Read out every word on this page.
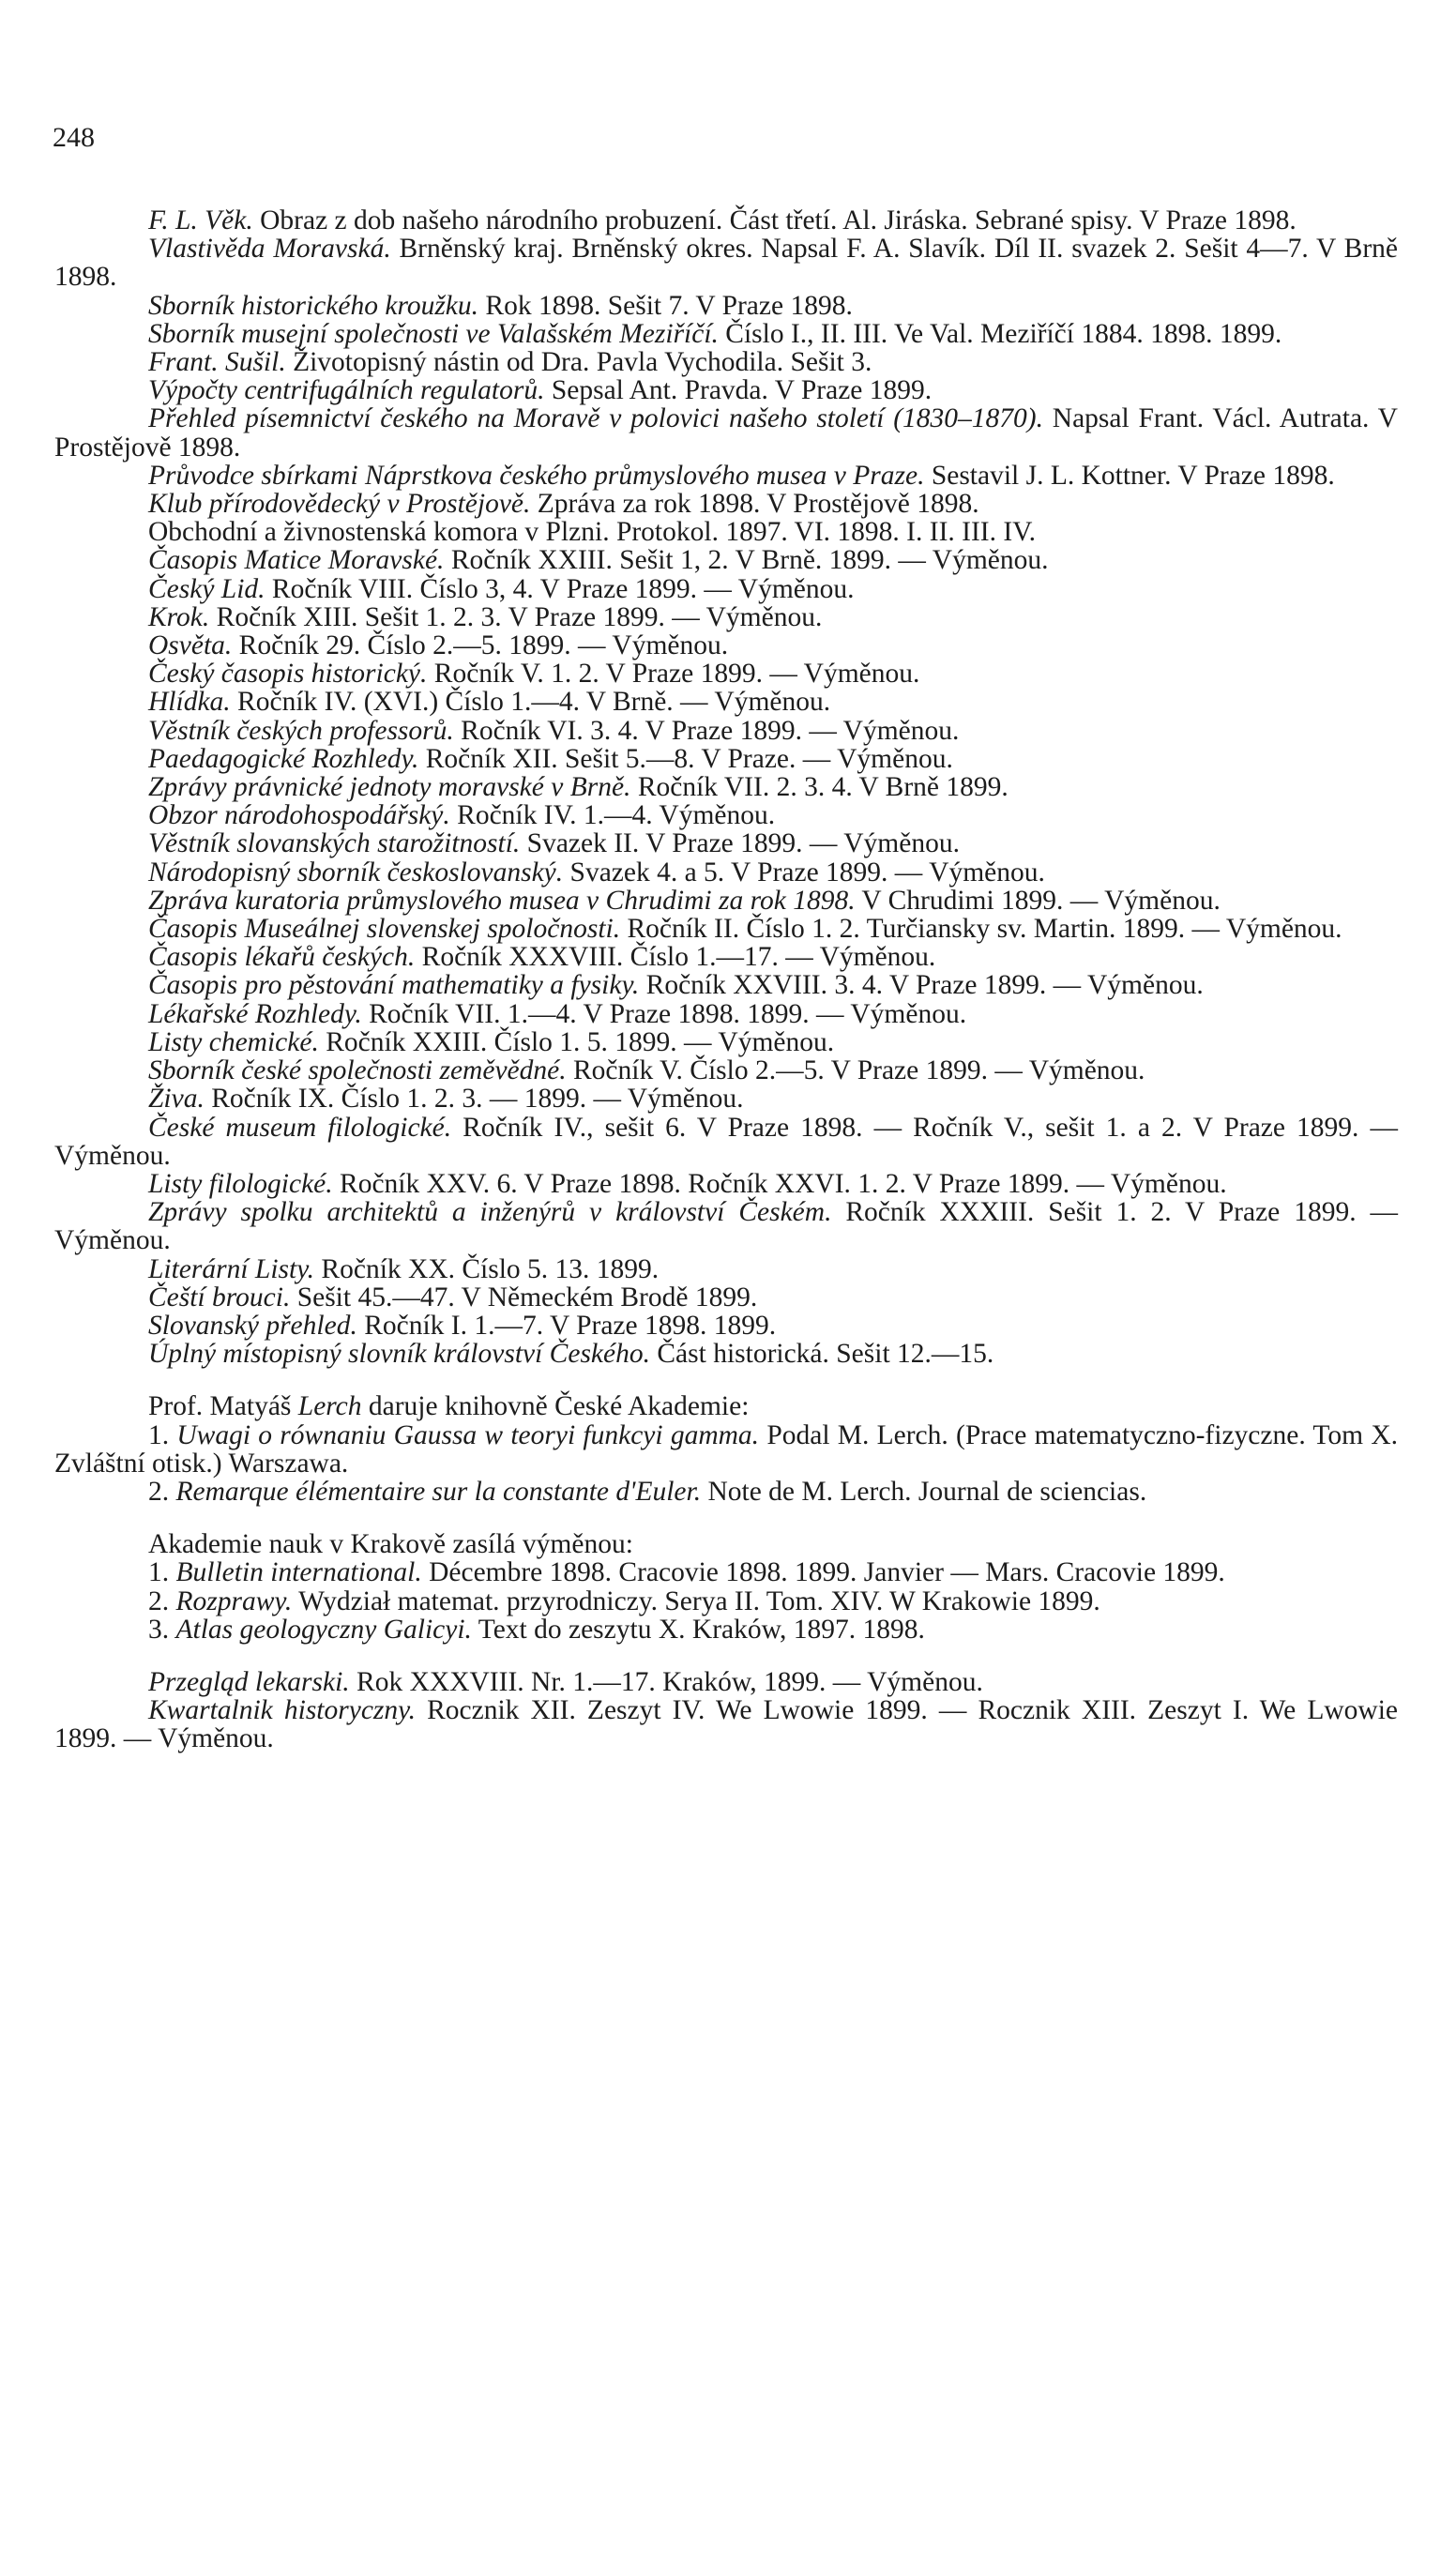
248

F. L. Věk. Obraz z dob našeho národního probuzení. Část třetí. Al. Jiráska. Sebrané spisy. V Praze 1898.

Vlastivěda Moravská. Brněnský kraj. Brněnský okres. Napsal F. A. Slavík. Díl II. svazek 2. Sešit 4—7. V Brně 1898.

Sborník historického kroužku. Rok 1898. Sešit 7. V Praze 1898.

Sborník musejní společnosti ve Valašském Meziříčí. Číslo I., II. III. Ve Val. Meziříčí 1884. 1898. 1899.

Frant. Sušil. Životopisný nástin od Dra. Pavla Vychodila. Sešit 3.

Výpočty centrifugálních regulatorů. Sepsal Ant. Pravda. V Praze 1899.

Přehled písemnictví českého na Moravě v polovici našeho století (1830–1870). Napsal Frant. Václ. Autrata. V Prostějově 1898.

Průvodce sbírkami Náprstkova českého průmyslového musea v Praze. Sestavil J. L. Kottner. V Praze 1898.

Klub přírodovědecký v Prostějově. Zpráva za rok 1898. V Prostějově 1898.

Obchodní a živnostenská komora v Plzni. Protokol. 1897. VI. 1898. I. II. III. IV.

Časopis Matice Moravské. Ročník XXIII. Sešit 1, 2. V Brně. 1899. — Výměnou.

Český Lid. Ročník VIII. Číslo 3, 4. V Praze 1899. — Výměnou.

Krok. Ročník XIII. Sešit 1. 2. 3. V Praze 1899. — Výměnou.

Osvěta. Ročník 29. Číslo 2.—5. 1899. — Výměnou.

Český časopis historický. Ročník V. 1. 2. V Praze 1899. — Výměnou.

Hlídka. Ročník IV. (XVI.) Číslo 1.—4. V Brně. — Výměnou.

Věstník českých professorů. Ročník VI. 3. 4. V Praze 1899. — Výměnou.

Paedagogické Rozhledy. Ročník XII. Sešit 5.—8. V Praze. — Výměnou.

Zprávy právnické jednoty moravské v Brně. Ročník VII. 2. 3. 4. V Brně 1899.

Obzor národohospodářský. Ročník IV. 1.—4. Výměnou.

Věstník slovanských starožitností. Svazek II. V Praze 1899. — Výměnou.

Národopisný sborník českoslovanský. Svazek 4. a 5. V Praze 1899. — Výměnou.

Zpráva kuratoria průmyslového musea v Chrudimi za rok 1898. V Chrudimi 1899. — Výměnou.

Časopis Museálnej slovenskej spoločnosti. Ročník II. Číslo 1. 2. Turčiansky sv. Martin. 1899. — Výměnou.

Časopis lékařů českých. Ročník XXXVIII. Číslo 1.—17. — Výměnou.

Časopis pro pěstování mathematiky a fysiky. Ročník XXVIII. 3. 4. V Praze 1899. — Výměnou.

Lékařské Rozhledy. Ročník VII. 1.—4. V Praze 1898. 1899. — Výměnou.

Listy chemické. Ročník XXIII. Číslo 1. 5. 1899. — Výměnou.

Sborník české společnosti zeměvědné. Ročník V. Číslo 2.—5. V Praze 1899. — Výměnou.

Živa. Ročník IX. Číslo 1. 2. 3. — 1899. — Výměnou.

České museum filologické. Ročník IV., sešit 6. V Praze 1898. — Ročník V., sešit 1. a 2. V Praze 1899. — Výměnou.

Listy filologické. Ročník XXV. 6. V Praze 1898. Ročník XXVI. 1. 2. V Praze 1899. — Výměnou.

Zprávy spolku architektů a inženýrů v království Českém. Ročník XXXIII. Sešit 1. 2. V Praze 1899. — Výměnou.

Literární Listy. Ročník XX. Číslo 5. 13. 1899.

Čeští brouci. Sešit 45.—47. V Německém Brodě 1899.

Slovanský přehled. Ročník I. 1.—7. V Praze 1898. 1899.

Úplný místopisný slovník království Českého. Část historická. Sešit 12.—15.

Prof. Matyáš Lerch daruje knihovně České Akademie:

1. Uwagi o równaniu Gaussa w teoryi funkcyi gamma. Podal M. Lerch. (Prace matematyczno-fizyczne. Tom X. Zvláštní otisk.) Warszawa.

2. Remarque élémentaire sur la constante d'Euler. Note de M. Lerch. Journal de sciencias.

Akademie nauk v Krakově zasílá výměnou:

1. Bulletin international. Décembre 1898. Cracovie 1898. 1899. Janvier — Mars. Cracovie 1899.

2. Rozprawy. Wydział matemat. przyrodniczy. Serya II. Tom. XIV. W Krakowie 1899.

3. Atlas geologyczny Galicyi. Text do zeszytu X. Kraków, 1897. 1898.

Przegląd lekarski. Rok XXXVIII. Nr. 1.—17. Kraków, 1899. — Výměnou.

Kwartalnik historyczny. Rocznik XII. Zeszyt IV. We Lwowie 1899. — Rocznik XIII. Zeszyt I. We Lwowie 1899. — Výměnou.
